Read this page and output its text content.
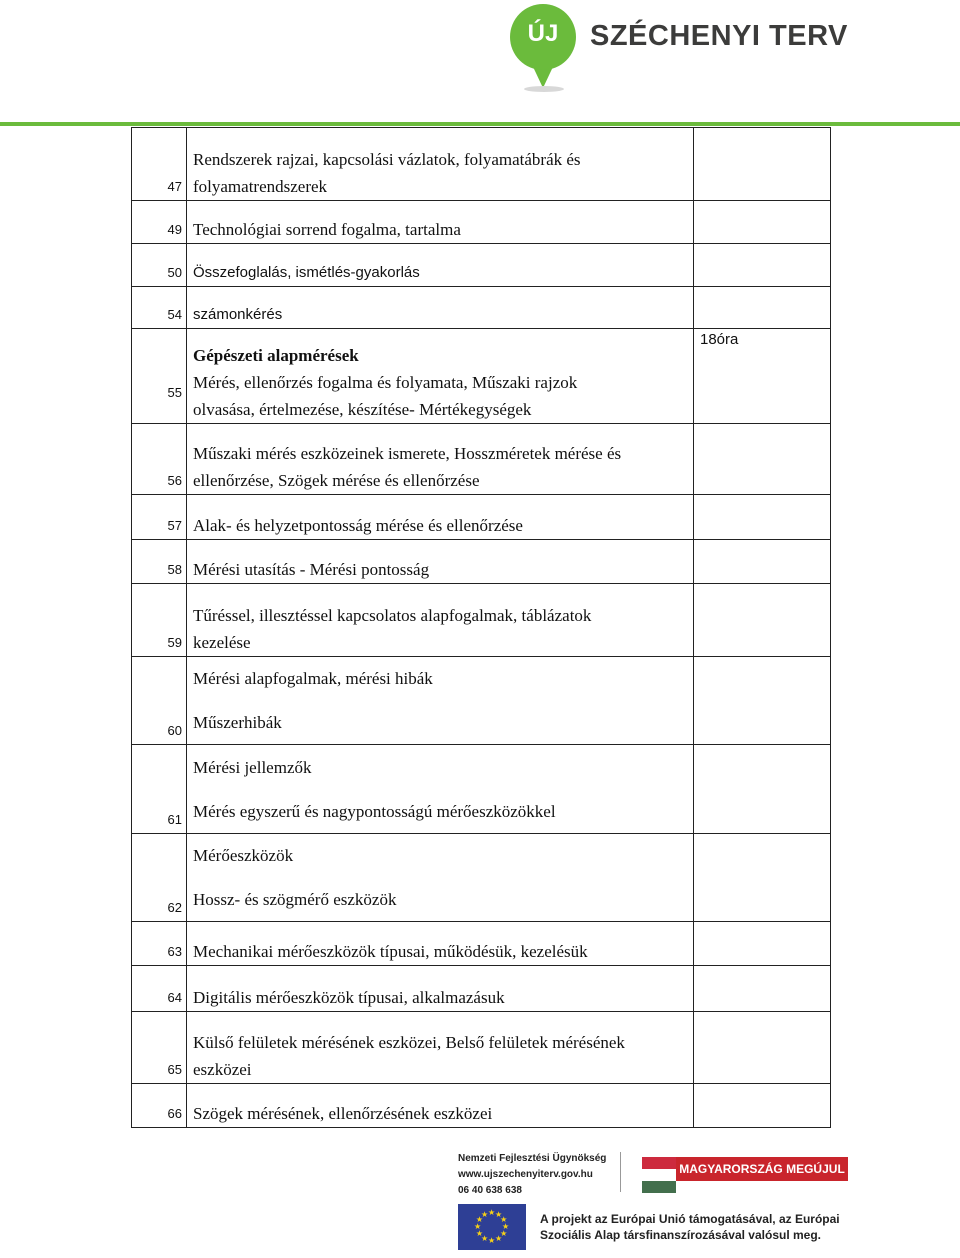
ÚJ	SZÉCHENYI TERV
47	Rendszerek rajzai, kapcsolási vázlatok, folyamatábrák és
folyamatrendszerek	

49	Technológiai sorrend fogalma, tartalma	

50	Összefoglalás, ismétlés-gyakorlás	

54	számonkérés	

55	Gépészeti alapmérések
Mérés, ellenőrzés fogalma és folyamata, Műszaki rajzok
olvasása, értelmezése, készítése- Mértékegységek	18óra

56	Műszaki mérés eszközeinek ismerete, Hosszméretek mérése és
ellenőrzése, Szögek mérése és ellenőrzése	

57	Alak- és helyzetpontosság mérése és ellenőrzése	

58	Mérési utasítás - Mérési pontosság	

59	Tűréssel, illesztéssel kapcsolatos alapfogalmak, táblázatok
kezelése	

60	Mérési alapfogalmak, mérési hibák
Műszerhibák	

61	Mérési jellemzők
Mérés egyszerű és nagypontosságú mérőeszközökkel	

62	Mérőeszközök
Hossz- és szögmérő eszközök	

63	Mechanikai mérőeszközök típusai, működésük, kezelésük	

64	Digitális mérőeszközök típusai, alkalmazásuk	

65	Külső felületek mérésének eszközei, Belső felületek mérésének
eszközei	

66	Szögek mérésének, ellenőrzésének eszközei	

Nemzeti Fejlesztési Ügynökség
www.ujszechenyiterv.gov.hu
06 40 638 638
MAGYARORSZÁG MEGÚJUL
★
★
★
★
★
★
★
★
★ ★ ★
★	A projekt az Európai Unió támogatásával, az Európai
Szociális Alap társfinanszírozásával valósul meg.
